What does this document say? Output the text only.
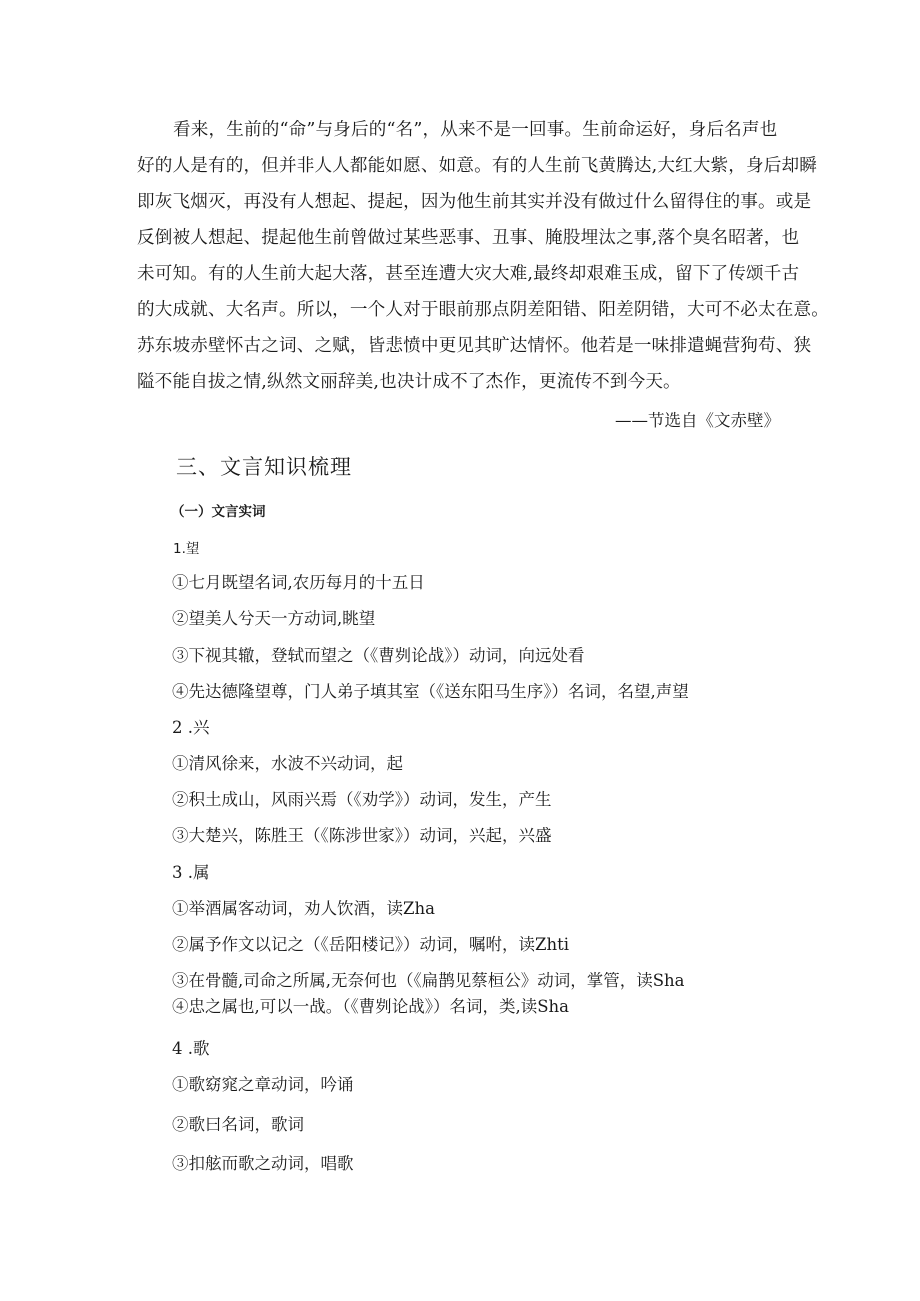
看来，生前的“命”与身后的“名”，从来不是一回事。生前命运好，身后名声也
好的人是有的，但并非人人都能如愿、如意。有的人生前飞黄腾达,大红大紫，身后却瞬
即灰飞烟灭，再没有人想起、提起，因为他生前其实并没有做过什么留得住的事。或是
反倒被人想起、提起他生前曾做过某些恶事、丑事、腌股埋汰之事,落个臭名昭著，也
未可知。有的人生前大起大落，甚至连遭大灾大难,最终却艰难玉成，留下了传颂千古
的大成就、大名声。所以，一个人对于眼前那点阴差阳错、阳差阴错，大可不必太在意。
苏东坡赤壁怀古之词、之赋，皆悲愤中更见其旷达情怀。他若是一味排遣蝇营狗苟、狭
隘不能自拔之情,纵然文丽辞美,也决计成不了杰作，更流传不到今天。
——节选自《文赤壁》
三、文言知识梳理
（一）文言实词
1.望
①七月既望名词,农历每月的十五日
②望美人兮天一方动词,眺望
③下视其辙，登轼而望之（《曹刿论战》）动词，向远处看
④先达德隆望尊，门人弟子填其室（《送东阳马生序》）名词，名望,声望
2 .兴
①清风徐来，水波不兴动词，起
②积土成山，风雨兴焉（《劝学》）动词，发生，产生
③大楚兴，陈胜王（《陈涉世家》）动词，兴起，兴盛
3 .属
①举酒属客动词，劝人饮酒，读Zha
②属予作文以记之（《岳阳楼记》）动词，嘱咐，读Zhti
③在骨髓,司命之所属,无奈何也（《扁鹊见蔡桓公》动词，掌管，读Sha
④忠之属也,可以一战。（《曹刿论战》）名词，类,读Sha
4 .歌
①歌窈窕之章动词，吟诵
②歌曰名词，歌词
③扣舷而歌之动词，唱歌
